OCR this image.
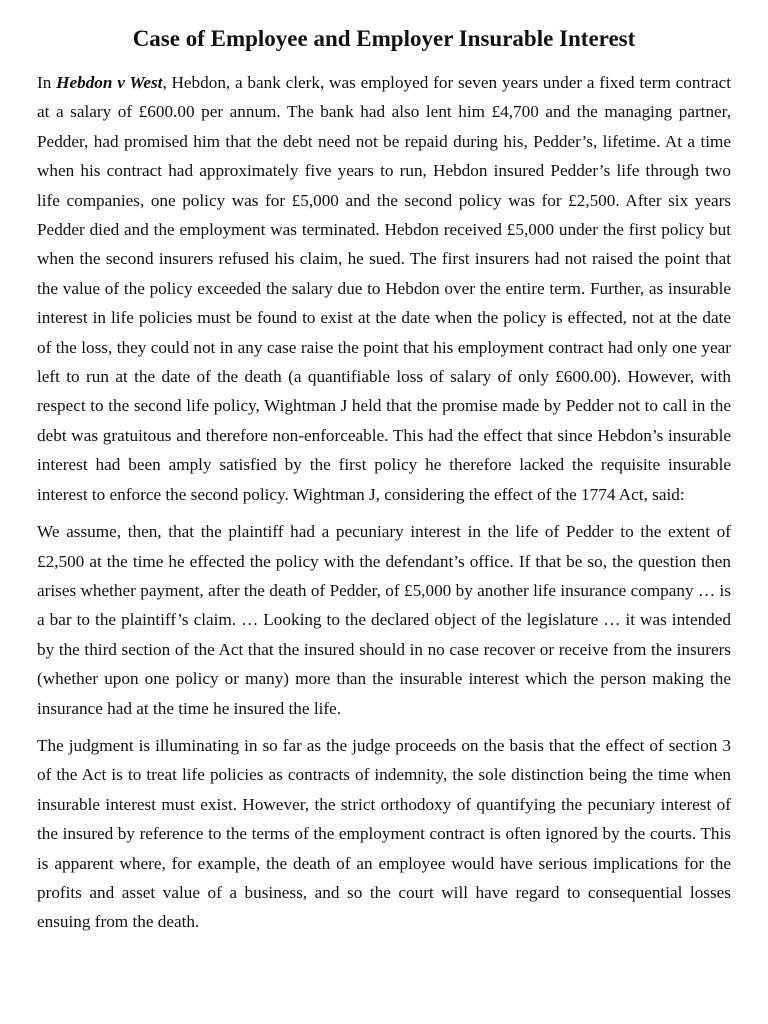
Case of Employee and Employer Insurable Interest

In Hebdon v West, Hebdon, a bank clerk, was employed for seven years under a fixed term contract at a salary of £600.00 per annum. The bank had also lent him £4,700 and the managing partner, Pedder, had promised him that the debt need not be repaid during his, Pedder’s, lifetime. At a time when his contract had approximately five years to run, Hebdon insured Pedder’s life through two life companies, one policy was for £5,000 and the second policy was for £2,500. After six years Pedder died and the employment was terminated. Hebdon received £5,000 under the first policy but when the second insurers refused his claim, he sued. The first insurers had not raised the point that the value of the policy exceeded the salary due to Hebdon over the entire term. Further, as insurable interest in life policies must be found to exist at the date when the policy is effected, not at the date of the loss, they could not in any case raise the point that his employment contract had only one year left to run at the date of the death (a quantifiable loss of salary of only £600.00). However, with respect to the second life policy, Wightman J held that the promise made by Pedder not to call in the debt was gratuitous and therefore non-enforceable. This had the effect that since Hebdon’s insurable interest had been amply satisfied by the first policy he therefore lacked the requisite insurable interest to enforce the second policy. Wightman J, considering the effect of the 1774 Act, said:

We assume, then, that the plaintiff had a pecuniary interest in the life of Pedder to the extent of £2,500 at the time he effected the policy with the defendant’s office. If that be so, the question then arises whether payment, after the death of Pedder, of £5,000 by another life insurance company … is a bar to the plaintiff’s claim. … Looking to the declared object of the legislature … it was intended by the third section of the Act that the insured should in no case recover or receive from the insurers (whether upon one policy or many) more than the insurable interest which the person making the insurance had at the time he insured the life.

The judgment is illuminating in so far as the judge proceeds on the basis that the effect of section 3 of the Act is to treat life policies as contracts of indemnity, the sole distinction being the time when insurable interest must exist. However, the strict orthodoxy of quantifying the pecuniary interest of the insured by reference to the terms of the employment contract is often ignored by the courts. This is apparent where, for example, the death of an employee would have serious implications for the profits and asset value of a business, and so the court will have regard to consequential losses ensuing from the death.
